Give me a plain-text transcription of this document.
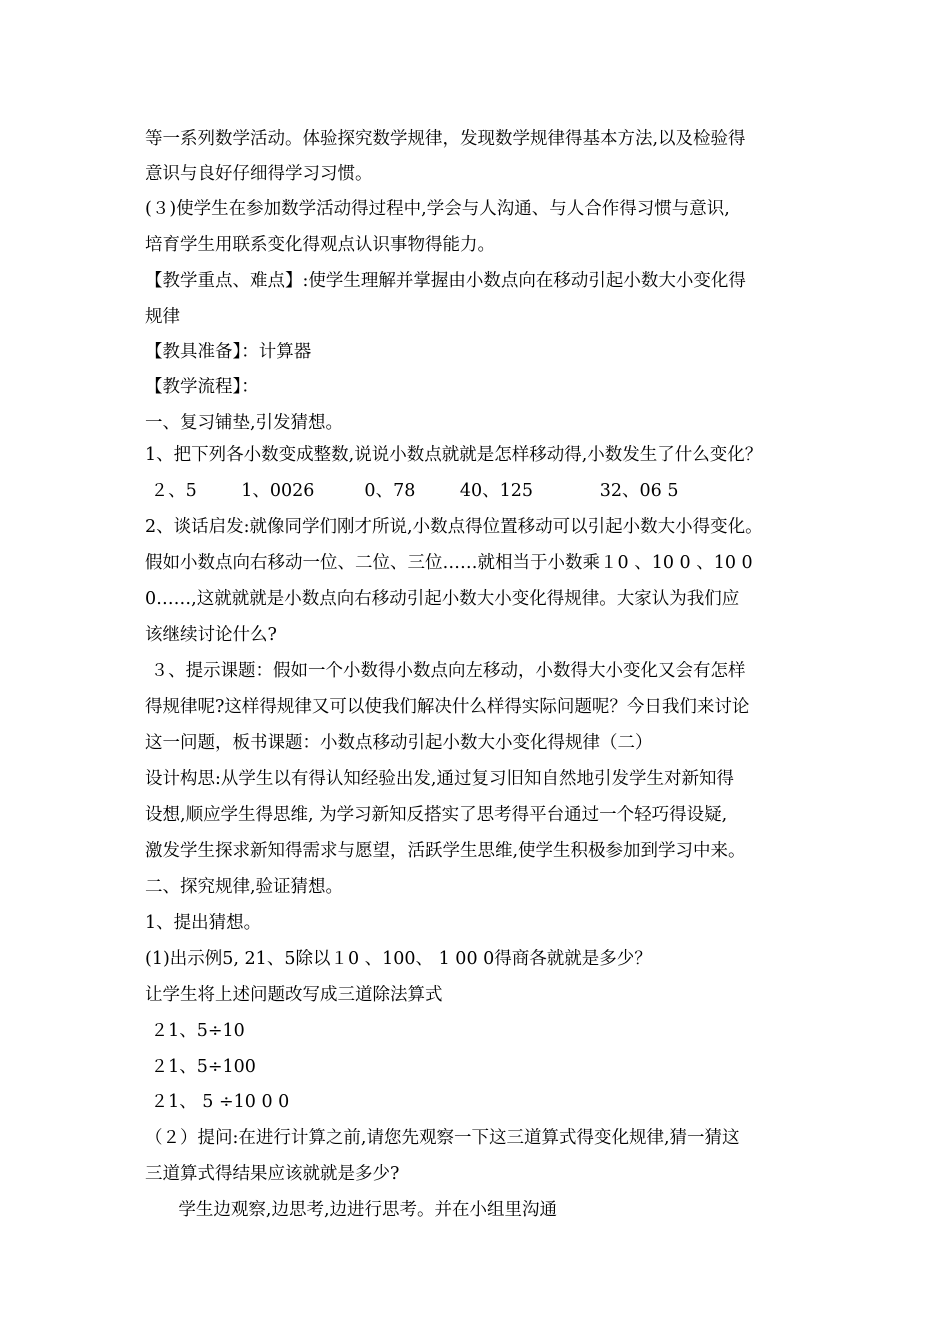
等一系列数学活动。体验探究数学规律，发现数学规律得基本方法,以及检验得
意识与良好仔细得学习习惯。
(３)使学生在参加数学活动得过程中,学会与人沟通、与人合作得习惯与意识,
培育学生用联系变化得观点认识事物得能力。
【教学重点、难点】:使学生理解并掌握由小数点向在移动引起小数大小变化得
规律
【教具准备】：计算器
【教学流程】：
一、复习铺垫,引发猜想。
1、把下列各小数变成整数,说说小数点就就是怎样移动得,小数发生了什么变化？
２、5        1、0026         0、78        40、125            32、06 5
2、谈话启发:就像同学们刚才所说,小数点得位置移动可以引起小数大小得变化。
假如小数点向右移动一位、二位、三位……就相当于小数乘１0 、10 0 、10 0
0……,这就就就是小数点向右移动引起小数大小变化得规律。大家认为我们应
该继续讨论什么?
３、提示课题：假如一个小数得小数点向左移动，小数得大小变化又会有怎样
得规律呢?这样得规律又可以使我们解决什么样得实际问题呢？今日我们来讨论
这一问题，板书课题：小数点移动引起小数大小变化得规律（二）
设计构思:从学生以有得认知经验出发,通过复习旧知自然地引发学生对新知得
设想,顺应学生得思维, 为学习新知反搭实了思考得平台通过一个轻巧得设疑,
激发学生探求新知得需求与愿望，活跃学生思维,使学生积极参加到学习中来。
二、探究规律,验证猜想。
1、提出猜想。
(1)出示例5, 21、5除以１0 、100、 1 00 0得商各就就是多少？
让学生将上述问题改写成三道除法算式
２1、5÷10
２1、5÷100
２1、 5 ÷10 0 0
（２）提问:在进行计算之前,请您先观察一下这三道算式得变化规律,猜一猜这
三道算式得结果应该就就是多少?
学生边观察,边思考,边进行思考。并在小组里沟通
